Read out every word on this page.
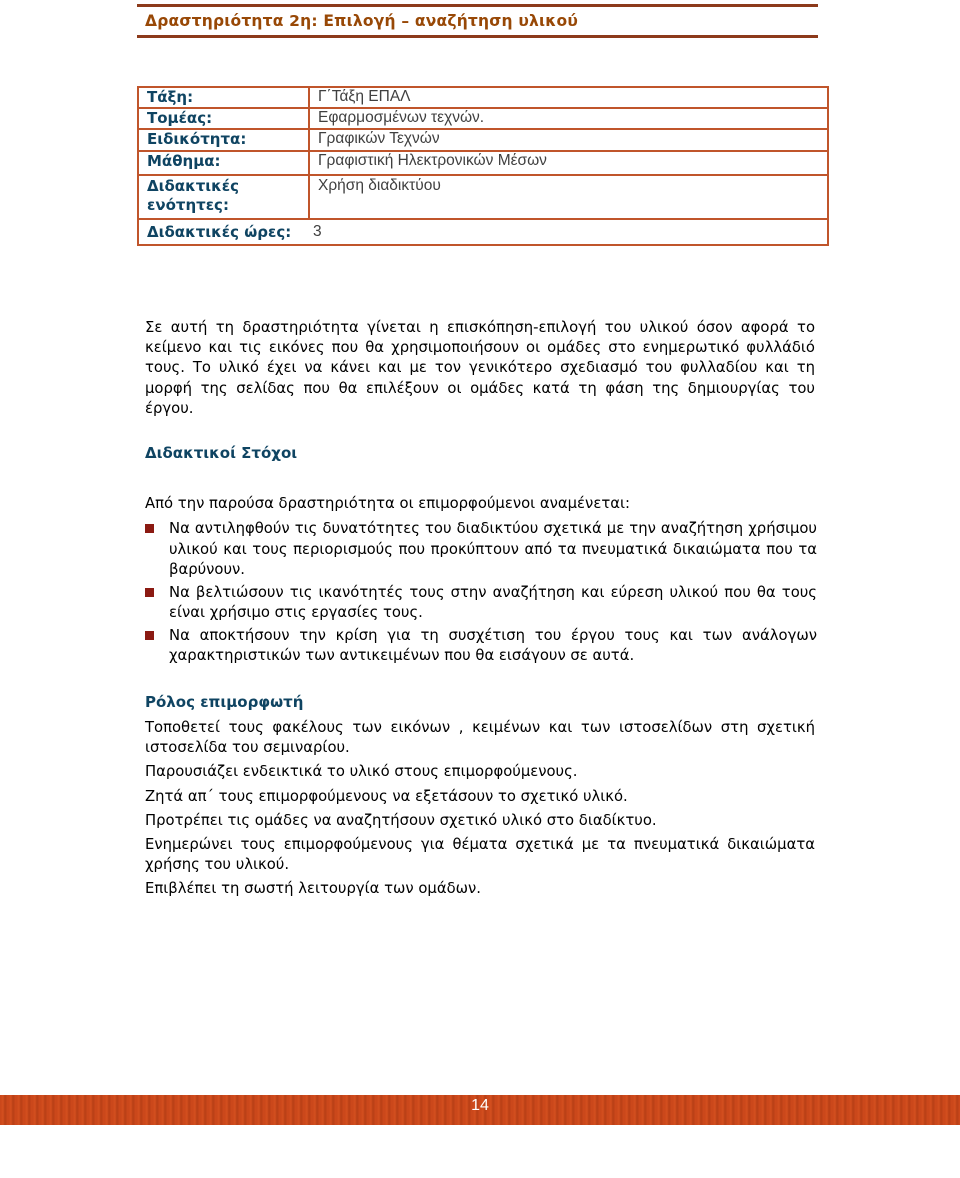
Δραστηριότητα 2η: Επιλογή – αναζήτηση υλικού
Τάξη:	Γ΄Τάξη ΕΠΑΛ
Τομέας:	Εφαρμοσμένων τεχνών.
Ειδικότητα:	Γραφικών Τεχνών
Μάθημα:	Γραφιστική Ηλεκτρονικών Μέσων
Διδακτικές ενότητες:	Χρήση διαδικτύου
Διδακτικές ώρες:	3
Σε αυτή τη δραστηριότητα γίνεται η επισκόπηση-επιλογή του υλικού όσον αφορά το κείμενο και τις εικόνες που θα χρησιμοποιήσουν οι ομάδες στο ενημερωτικό φυλλάδιό τους. Το υλικό έχει να κάνει και με τον γενικότερο σχεδιασμό του φυλλαδίου και τη μορφή της σελίδας που θα επιλέξουν οι ομάδες κατά τη φάση της δημιουργίας του έργου.
Διδακτικοί Στόχοι
Από την παρούσα δραστηριότητα οι επιμορφούμενοι αναμένεται:
Να αντιληφθούν τις δυνατότητες του διαδικτύου σχετικά με την αναζήτηση χρήσιμου υλικού και τους περιορισμούς που προκύπτουν από τα πνευματικά δικαιώματα που τα βαρύνουν.
Να βελτιώσουν τις ικανότητές τους στην αναζήτηση και εύρεση υλικού που θα τους είναι χρήσιμο στις εργασίες τους.
Να αποκτήσουν την κρίση για τη συσχέτιση του έργου τους και των ανάλογων χαρακτηριστικών των αντικειμένων που θα εισάγουν σε αυτά.
Ρόλος επιμορφωτή

Τοποθετεί τους φακέλους των εικόνων , κειμένων και των ιστοσελίδων στη σχετική ιστοσελίδα του σεμιναρίου.

Παρουσιάζει ενδεικτικά το υλικό στους επιμορφούμενους.

Ζητά απ΄ τους επιμορφούμενους να εξετάσουν το σχετικό υλικό.

Προτρέπει τις ομάδες να αναζητήσουν σχετικό υλικό στο διαδίκτυο.

Ενημερώνει τους επιμορφούμενους για θέματα σχετικά με τα πνευματικά δικαιώματα χρήσης του υλικού.

Επιβλέπει τη σωστή λειτουργία των ομάδων.

14
